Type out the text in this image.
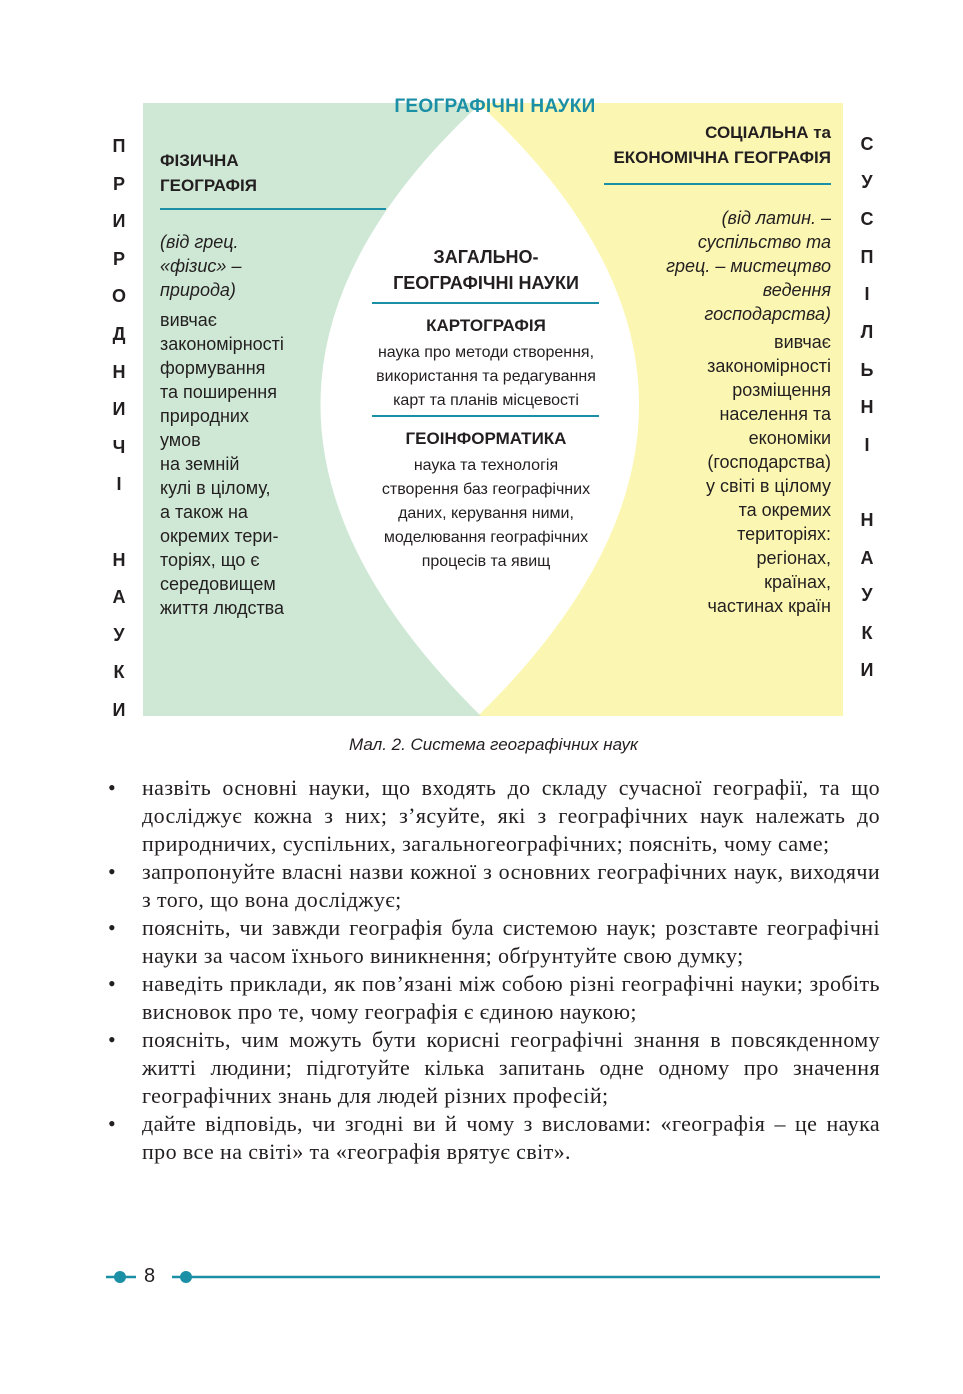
П
Р
И
Р
О
Д
Н
И
Ч
І
Н
А
У
К
И
С
У
С
П
І
Л
Ь
Н
І
Н
А
У
К
И
ГЕОГРАФІЧНІ НАУКИ
ФІЗИЧНА
ГЕОГРАФІЯ
(від грец.
«фізис» –
природа)
вивчає
закономірності
формування
та поширення
природних
умов
на земній
кулі в цілому,
а також на
окремих тери-
торіях, що є
середовищем
життя людства
СОЦІАЛЬНА та
ЕКОНОМІЧНА ГЕОГРАФІЯ
(від латин. –
суспільство та
грец. – мистецтво
ведення
господарства)
вивчає
закономірності
розміщення
населення та
економіки
(господарства)
у світі в цілому
та окремих
територіях:
регіонах,
країнах,
частинах країн
ЗАГАЛЬНО-
ГЕОГРАФІЧНІ НАУКИ
КАРТОГРАФІЯ
наука про методи створення,
використання та редагування
карт та планів місцевості
ГЕОІНФОРМАТИКА
наука та технологія
створення баз географічних
даних, керування ними,
моделювання географічних
процесів та явищ
Мал. 2. Система географічних наук
• назвіть основні науки, що входять до складу сучасної географії, та що досліджує кожна з них; з’ясуйте, які з географічних наук належать до природничих, суспільних, загальногеографічних; поясніть, чому саме;
• запропонуйте власні назви кожної з основних географічних наук, виходячи з того, що вона досліджує;
• поясніть, чи завжди географія була системою наук; розставте географічні науки за часом їхнього виникнення; обґрунтуйте свою думку;
• наведіть приклади, як пов’язані між собою різні географічні науки; зробіть висновок про те, чому географія є єдиною наукою;
• поясніть, чим можуть бути корисні географічні знання в повсякденному житті людини; підготуйте кілька запитань одне одному про значення географічних знань для людей різних професій;
• дайте відповідь, чи згодні ви й чому з висловами: «географія – це наука про все на світі» та «географія врятує світ».
8
